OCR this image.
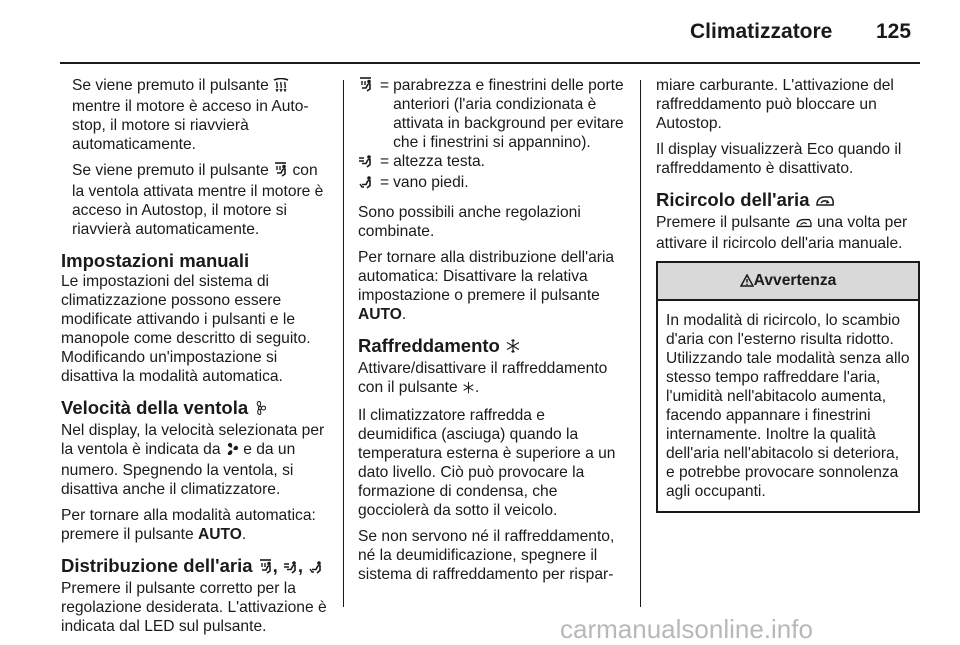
Climatizzatore 125

Se viene premuto il pulsante  mentre il motore è acceso in Auto-stop, il motore si riavvierà automaticamente.

Se viene premuto il pulsante con la ventola attivata mentre il motore è acceso in Autostop, il motore si riavvierà automaticamente.

Impostazioni manuali

Le impostazioni del sistema di climatizzazione possono essere modificate attivando i pulsanti e le manopole come descritto di seguito. Modificando un'impostazione si disattiva la modalità automatica.

Velocità della ventola

Nel display, la velocità selezionata per la ventola è indicata da e da un numero. Spegnendo la ventola, si disattiva anche il climatizzatore.

Per tornare alla modalità automatica: premere il pulsante AUTO.

Distribuzione dell'aria , ,

Premere il pulsante corretto per la regolazione desiderata. L'attivazione è indicata dal LED sul pulsante.

= parabrezza e finestrini delle porte anteriori (l'aria condizionata è attivata in background per evitare che i finestrini si appannino).
= altezza testa.
= vano piedi.

Sono possibili anche regolazioni combinate.

Per tornare alla distribuzione dell'aria automatica: Disattivare la relativa impostazione o premere il pulsante AUTO.

Raffreddamento

Attivare/disattivare il raffreddamento con il pulsante .

Il climatizzatore raffredda e deumidifica (asciuga) quando la temperatura esterna è superiore a un dato livello. Ciò può provocare la formazione di condensa, che gocciolerà da sotto il veicolo.

Se non servono né il raffreddamento, né la deumidificazione, spegnere il sistema di raffreddamento per rispar-

miare carburante. L'attivazione del raffreddamento può bloccare un Autostop.

Il display visualizzerà Eco quando il raffreddamento è disattivato.

Ricircolo dell'aria

Premere il pulsante una volta per attivare il ricircolo dell'aria manuale.

Avvertenza
In modalità di ricircolo, lo scambio d'aria con l'esterno risulta ridotto. Utilizzando tale modalità senza allo stesso tempo raffreddare l'aria, l'umidità nell'abitacolo aumenta, facendo appannare i finestrini internamente. Inoltre la qualità dell'aria nell'abitacolo si deteriora, e potrebbe provocare sonnolenza agli occupanti.
carmanualsonline.info
